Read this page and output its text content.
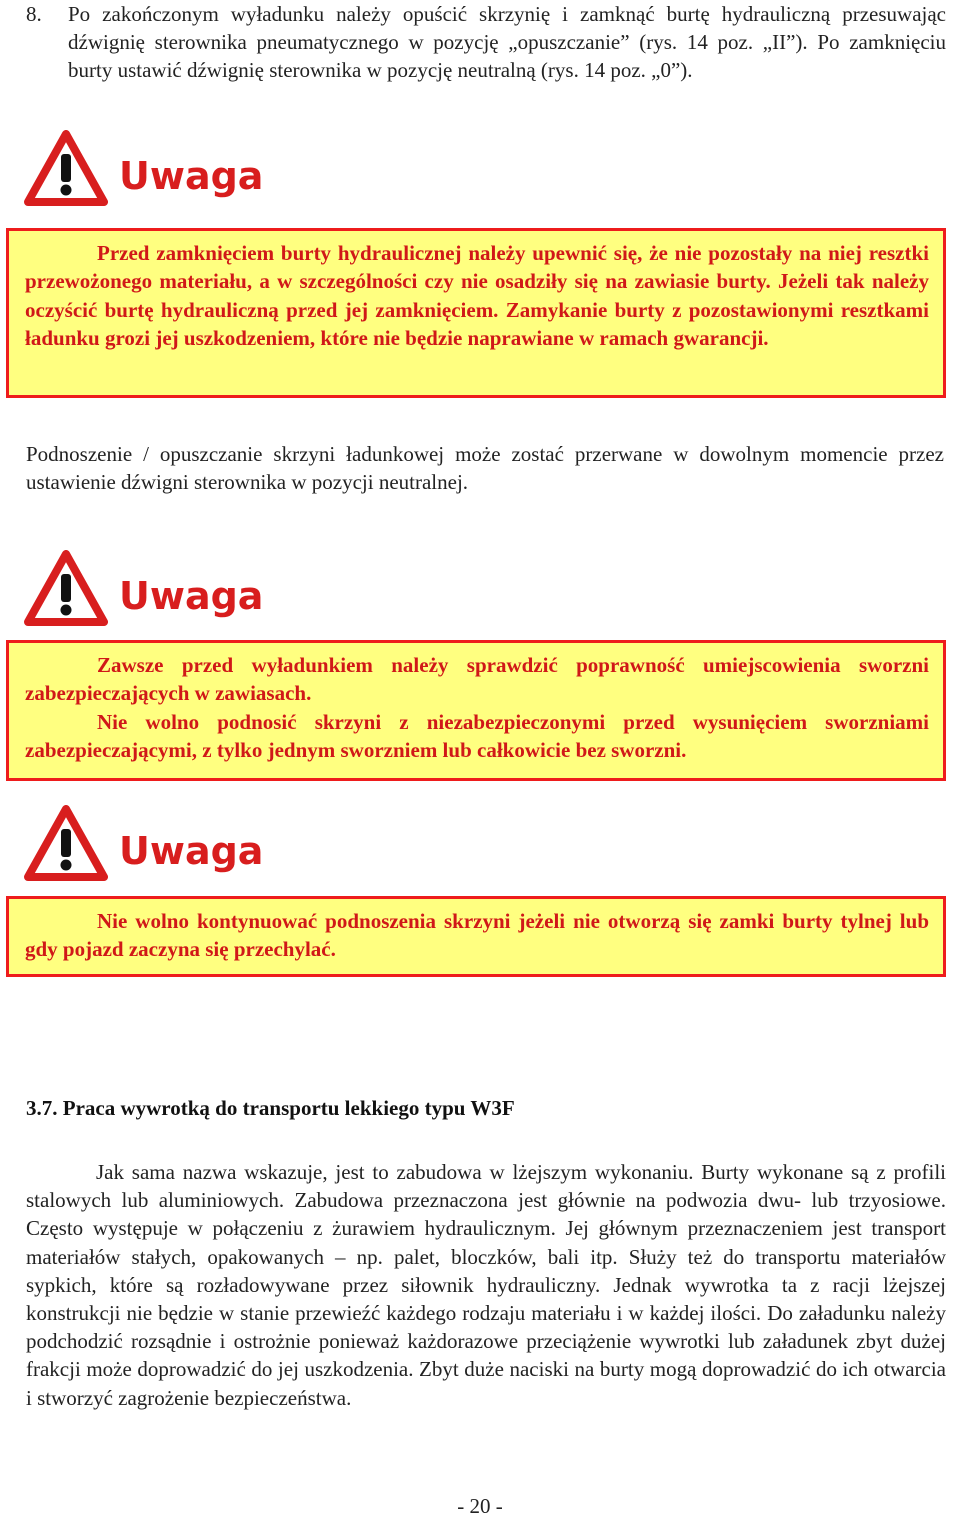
8.	Po zakończonym wyładunku należy opuścić skrzynię i zamknąć burtę hydrauliczną przesuwając dźwignię sterownika pneumatycznego w pozycję „opuszczanie” (rys. 14 poz. „II”). Po zamknięciu burty ustawić dźwignię sterownika w pozycję neutralną (rys. 14 poz. „0”).
Uwaga

Przed zamknięciem burty hydraulicznej należy upewnić się, że nie pozostały na niej resztki przewożonego materiału, a w szczególności czy nie osadziły się na zawiasie burty. Jeżeli tak należy oczyścić burtę hydrauliczną przed jej zamknięciem. Zamykanie burty z pozostawionymi resztkami ładunku grozi jej uszkodzeniem, które nie będzie naprawiane w ramach gwarancji.

Podnoszenie / opuszczanie skrzyni ładunkowej może zostać przerwane w dowolnym momencie przez ustawienie dźwigni sterownika w pozycji neutralnej.

Uwaga

Zawsze przed wyładunkiem należy sprawdzić poprawność umiejscowienia sworzni zabezpieczających w zawiasach.

Nie wolno podnosić skrzyni z niezabezpieczonymi przed wysunięciem sworzniami zabezpieczającymi, z tylko jednym sworzniem lub całkowicie bez sworzni.

Uwaga

Nie wolno kontynuować podnoszenia skrzyni jeżeli nie otworzą się zamki burty tylnej lub gdy pojazd zaczyna się przechylać.

3.7. Praca wywrotką do transportu lekkiego typu W3F

Jak sama nazwa wskazuje, jest to zabudowa w lżejszym wykonaniu. Burty wykonane są z profili stalowych lub aluminiowych. Zabudowa przeznaczona jest głównie na podwozia dwu- lub trzyosiowe. Często występuje w połączeniu z żurawiem hydraulicznym. Jej głównym przeznaczeniem jest transport materiałów stałych, opakowanych – np. palet, bloczków, bali itp. Służy też do transportu materiałów sypkich, które są rozładowywane przez siłownik hydrauliczny. Jednak wywrotka ta z racji lżejszej konstrukcji nie będzie w stanie przewieźć każdego rodzaju materiału i w każdej ilości. Do załadunku należy podchodzić rozsądnie i ostrożnie ponieważ każdorazowe przeciążenie wywrotki lub załadunek zbyt dużej frakcji może doprowadzić do jej uszkodzenia. Zbyt duże naciski na burty mogą doprowadzić do ich otwarcia i stworzyć zagrożenie bezpieczeństwa.

- 20 -
